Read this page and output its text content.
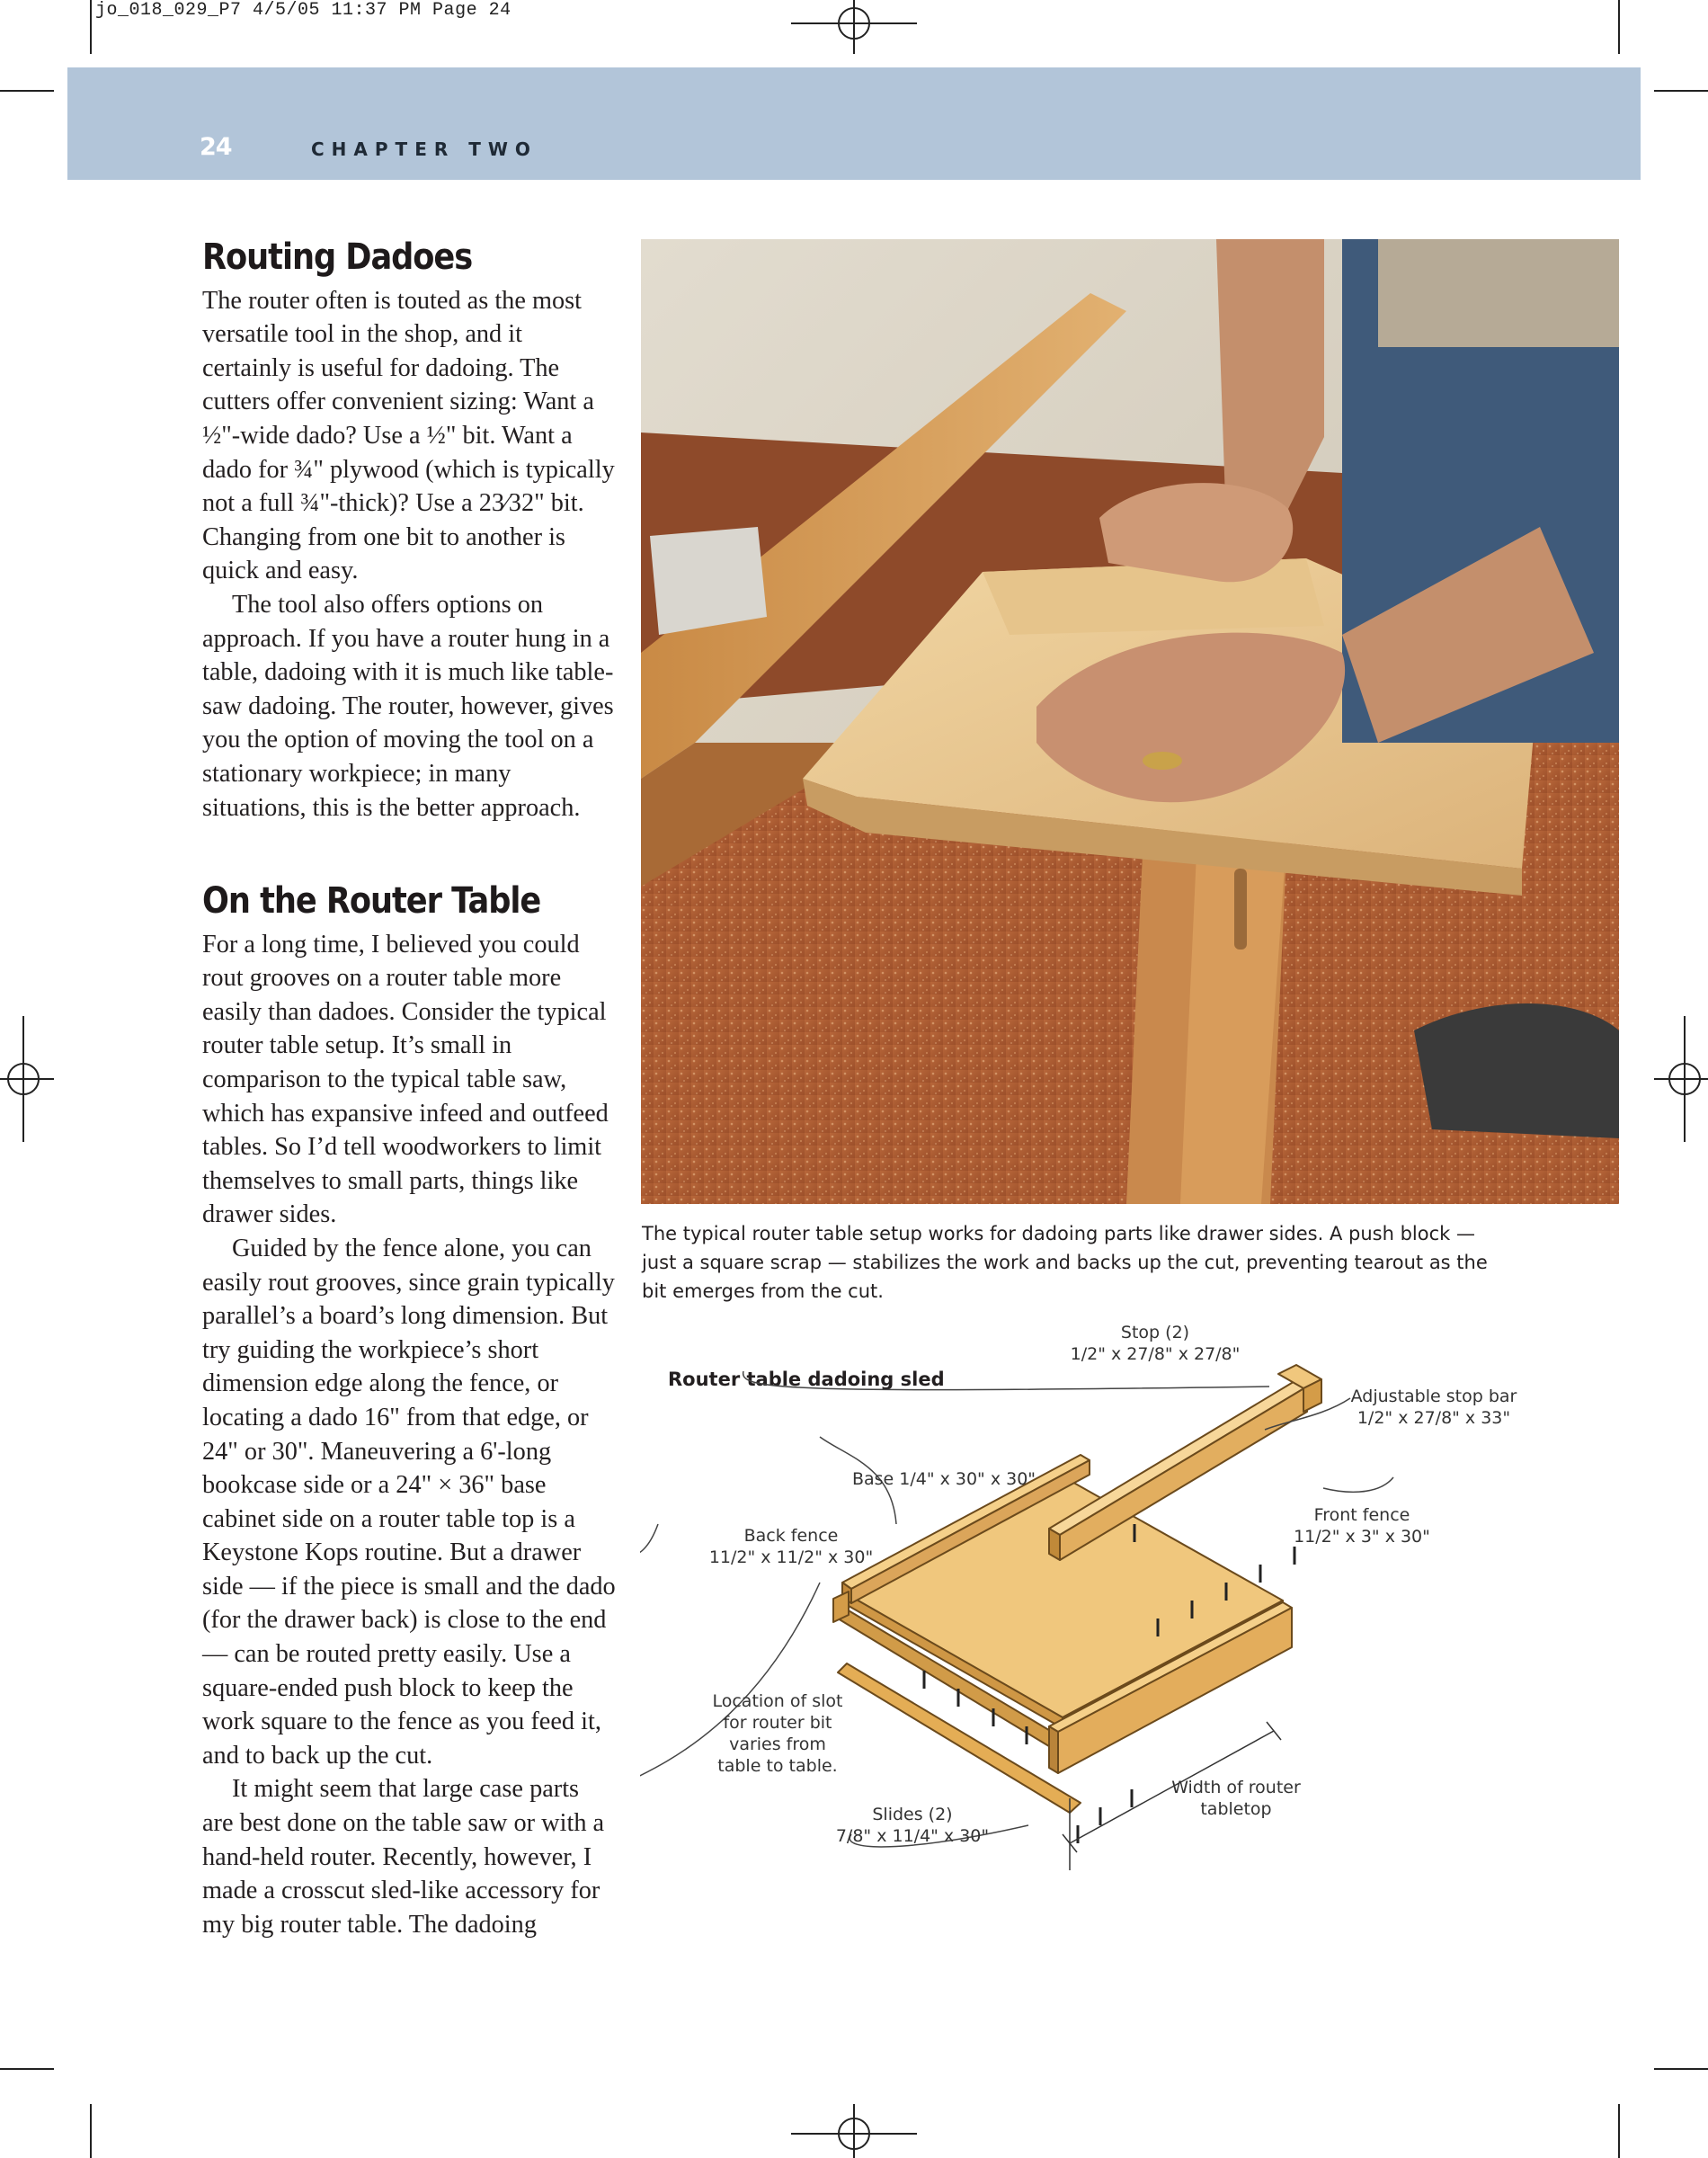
jo_018_029_P7 4/5/05 11:37 PM Page 24
24	CHAPTER TWO
Routing Dadoes

The router often is touted as the most versatile tool in the shop, and it certainly is useful for dadoing. The cutters offer convenient sizing: Want a ½"-wide dado? Use a ½" bit. Want a dado for ¾" plywood (which is typically not a full ¾"-thick)? Use a 23⁄32" bit. Changing from one bit to another is quick and easy.

The tool also offers options on approach. If you have a router hung in a table, dadoing with it is much like table-saw dadoing. The router, however, gives you the option of moving the tool on a stationary workpiece; in many situations, this is the better approach.

On the Router Table

For a long time, I believed you could rout grooves on a router table more easily than dadoes. Consider the typical router table setup. It’s small in comparison to the typical table saw, which has expansive infeed and outfeed tables. So I’d tell woodworkers to limit themselves to small parts, things like drawer sides.

Guided by the fence alone, you can easily rout grooves, since grain typically parallel’s a board’s long dimension. But try guiding the workpiece’s short dimension edge along the fence, or locating a dado 16" from that edge, or 24" or 30". Maneuvering a 6'-long bookcase side or a 24" × 36" base cabinet side on a router table top is a Keystone Kops routine. But a drawer side — if the piece is small and the dado (for the drawer back) is close to the end — can be routed pretty easily. Use a square-ended push block to keep the work square to the fence as you feed it, and to back up the cut.

It might seem that large case parts are best done on the table saw or with a hand-held router. Recently, however, I made a crosscut sled-like accessory for my big router table. The dadoing

The typical router table setup works for dadoing parts like drawer sides. A push block — just a square scrap — stabilizes the work and backs up the cut, preventing tearout as the bit emerges from the cut.
Router table dadoing sled
Stop (2)
1/2" x 27/8" x 27/8"
Adjustable stop bar
1/2" x 27/8" x 33"
Base 1/4" x 30" x 30"
Back fence
11/2" x 11/2" x 30"
Front fence
11/2" x 3" x 30"
Location of slot
for router bit
varies from
table to table.
Slides (2)
7/8" x 11/4" x 30"
Width of router
tabletop
